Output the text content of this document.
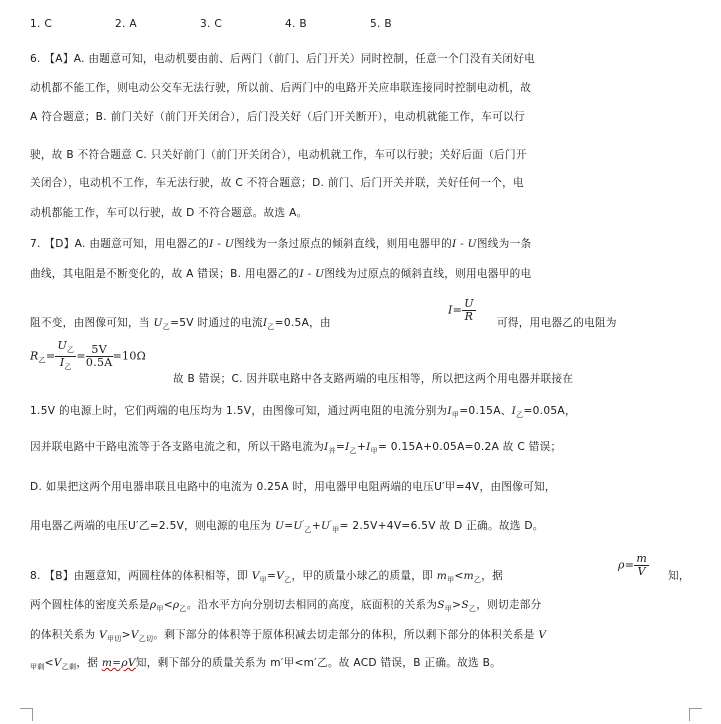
1. C	2. A	3. C	4. B	5. B
6. 【A】A. 由题意可知，电动机要由前、后两门（前门、后门开关）同时控制，任意一个门没有关闭好电
动机都不能工作，则电动公交车无法行驶，所以前、后两门中的电路开关应串联连接同时控制电动机，故
A 符合题意；B. 前门关好（前门开关闭合），后门没关好（后门开关断开），电动机就能工作，车可以行
驶，故 B 不符合题意 C. 只关好前门（前门开关闭合），电动机就工作，车可以行驶；关好后面（后门开
关闭合），电动机不工作，车无法行驶，故 C 不符合题意；D. 前门、后门开关并联，关好任何一个，电
动机都能工作，车可以行驶，故 D 不符合题意。故选 A。
7. 【D】A. 由题意可知，用电器乙的I - U图线为一条过原点的倾斜直线，则用电器甲的I - U图线为一条
曲线，其电阻是不断变化的，故 A 错误；B. 用电器乙的I - U图线为过原点的倾斜直线，则用电器甲的电
阻不变，由图像可知，当 $U_乙=5V$ 时通过的电流$I_乙=0.5A$，由
$I= \frac{U}{R}$ 可得，用电器乙的电阻为
$R_乙= \frac{U_乙}{I_乙} = \frac{5V}{0.5A} =10\Omega$
故 B 错误；C. 因并联电路中各支路两端的电压相等，所以把这两个用电器并联接在
1.5V 的电源上时，它们两端的电压均为 1.5V，由图像可知，通过两电阻的电流分别为$I_甲=0.15A$、$I_乙=0.05A$，
因并联电路中干路电流等于各支路电流之和，所以干路电流为$I_并=I_乙+I_甲= 0.15A+0.05A=0.2A$ 故 C 错误；
D. 如果把这两个用电器串联且电路中的电流为 0.25A 时，用电器甲电阻两端的电压U′甲=4V，由图像可知，
用电器乙两端的电压U′乙=2.5V，则电源的电压为 $U=U'_乙+U'_甲= 2.5V+4V=6.5V$ 故 D 正确。故选 D。
8. 【B】由题意知，两圆柱体的体积相等，即 $V_甲=V_乙$，甲的质量小球乙的质量，即 $m_甲<m_乙$，据
$\rho= \frac{m}{V}$ 知，
两个圆柱体的密度关系是$\rho_甲<\rho_乙$。沿水平方向分别切去相同的高度，底面积的关系为$S_甲>S_乙$，则切走部分
的体积关系为 $V_{甲切}>V_{乙切}$。剩下部分的体积等于原体积减去切走部分的体积，所以剩下部分的体积关系是 V
$_{甲剩}<V_{乙剩}$，据 m=ρV知，剩下部分的质量关系为 m′甲<m′乙。故 ACD 错误，B 正确。故选 B。
